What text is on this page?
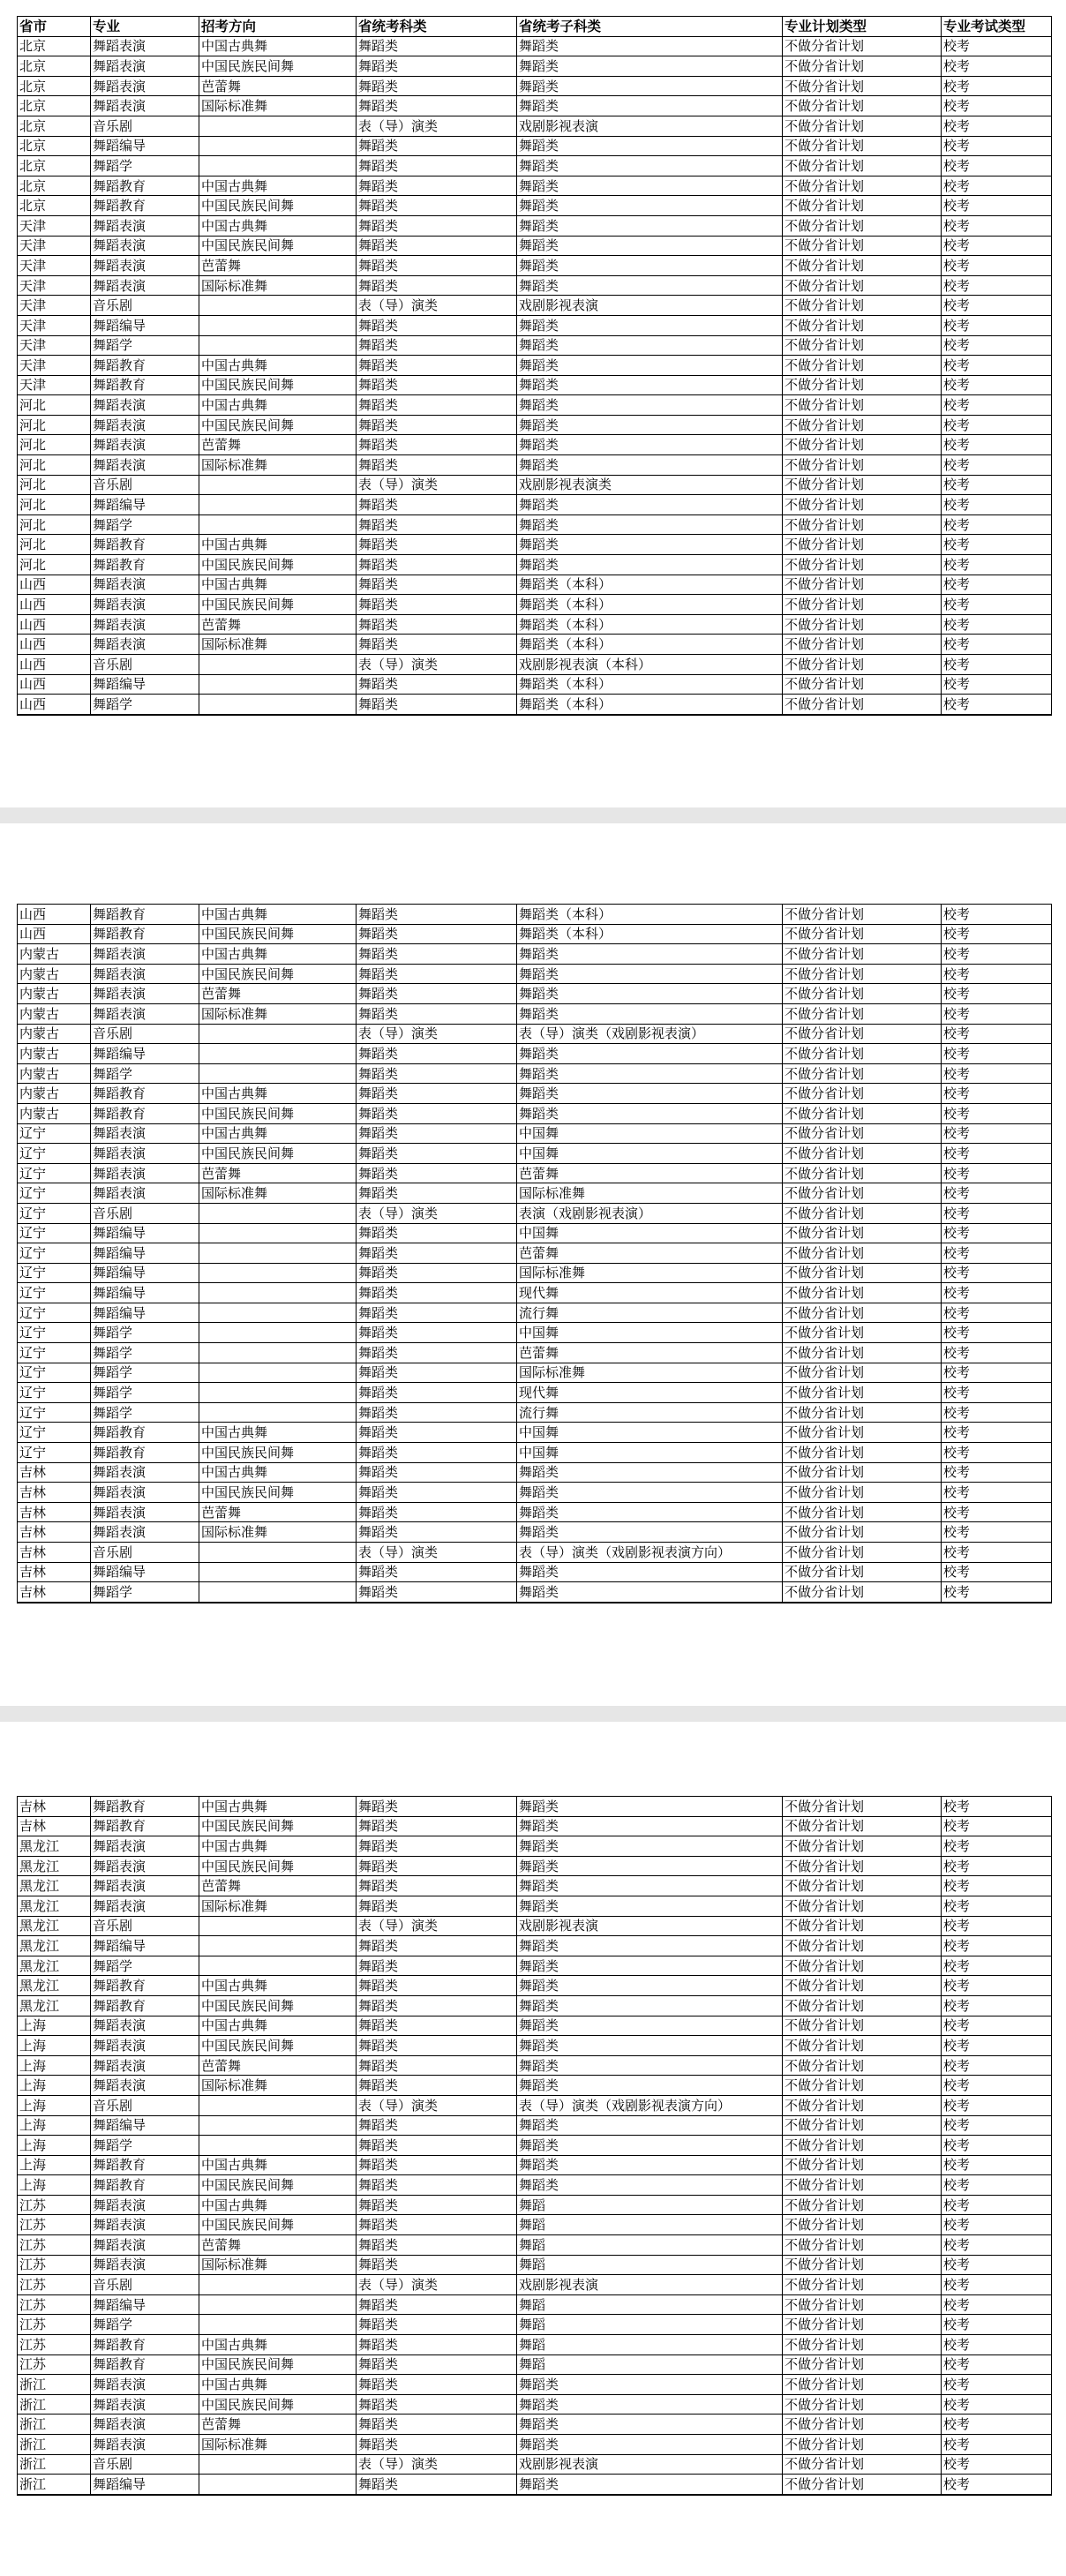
省市	专业	招考方向	省统考科类	省统考子科类	专业计划类型	专业考试类型
北京	舞蹈表演	中国古典舞	舞蹈类	舞蹈类	不做分省计划	校考
北京	舞蹈表演	中国民族民间舞	舞蹈类	舞蹈类	不做分省计划	校考
北京	舞蹈表演	芭蕾舞	舞蹈类	舞蹈类	不做分省计划	校考
北京	舞蹈表演	国际标准舞	舞蹈类	舞蹈类	不做分省计划	校考
北京	音乐剧		表（导）演类	戏剧影视表演	不做分省计划	校考
北京	舞蹈编导		舞蹈类	舞蹈类	不做分省计划	校考
北京	舞蹈学		舞蹈类	舞蹈类	不做分省计划	校考
北京	舞蹈教育	中国古典舞	舞蹈类	舞蹈类	不做分省计划	校考
北京	舞蹈教育	中国民族民间舞	舞蹈类	舞蹈类	不做分省计划	校考
天津	舞蹈表演	中国古典舞	舞蹈类	舞蹈类	不做分省计划	校考
天津	舞蹈表演	中国民族民间舞	舞蹈类	舞蹈类	不做分省计划	校考
天津	舞蹈表演	芭蕾舞	舞蹈类	舞蹈类	不做分省计划	校考
天津	舞蹈表演	国际标准舞	舞蹈类	舞蹈类	不做分省计划	校考
天津	音乐剧		表（导）演类	戏剧影视表演	不做分省计划	校考
天津	舞蹈编导		舞蹈类	舞蹈类	不做分省计划	校考
天津	舞蹈学		舞蹈类	舞蹈类	不做分省计划	校考
天津	舞蹈教育	中国古典舞	舞蹈类	舞蹈类	不做分省计划	校考
天津	舞蹈教育	中国民族民间舞	舞蹈类	舞蹈类	不做分省计划	校考
河北	舞蹈表演	中国古典舞	舞蹈类	舞蹈类	不做分省计划	校考
河北	舞蹈表演	中国民族民间舞	舞蹈类	舞蹈类	不做分省计划	校考
河北	舞蹈表演	芭蕾舞	舞蹈类	舞蹈类	不做分省计划	校考
河北	舞蹈表演	国际标准舞	舞蹈类	舞蹈类	不做分省计划	校考
河北	音乐剧		表（导）演类	戏剧影视表演类	不做分省计划	校考
河北	舞蹈编导		舞蹈类	舞蹈类	不做分省计划	校考
河北	舞蹈学		舞蹈类	舞蹈类	不做分省计划	校考
河北	舞蹈教育	中国古典舞	舞蹈类	舞蹈类	不做分省计划	校考
河北	舞蹈教育	中国民族民间舞	舞蹈类	舞蹈类	不做分省计划	校考
山西	舞蹈表演	中国古典舞	舞蹈类	舞蹈类（本科）	不做分省计划	校考
山西	舞蹈表演	中国民族民间舞	舞蹈类	舞蹈类（本科）	不做分省计划	校考
山西	舞蹈表演	芭蕾舞	舞蹈类	舞蹈类（本科）	不做分省计划	校考
山西	舞蹈表演	国际标准舞	舞蹈类	舞蹈类（本科）	不做分省计划	校考
山西	音乐剧		表（导）演类	戏剧影视表演（本科）	不做分省计划	校考
山西	舞蹈编导		舞蹈类	舞蹈类（本科）	不做分省计划	校考
山西	舞蹈学		舞蹈类	舞蹈类（本科）	不做分省计划	校考
山西	舞蹈教育	中国古典舞	舞蹈类	舞蹈类（本科）	不做分省计划	校考
山西	舞蹈教育	中国民族民间舞	舞蹈类	舞蹈类（本科）	不做分省计划	校考
内蒙古	舞蹈表演	中国古典舞	舞蹈类	舞蹈类	不做分省计划	校考
内蒙古	舞蹈表演	中国民族民间舞	舞蹈类	舞蹈类	不做分省计划	校考
内蒙古	舞蹈表演	芭蕾舞	舞蹈类	舞蹈类	不做分省计划	校考
内蒙古	舞蹈表演	国际标准舞	舞蹈类	舞蹈类	不做分省计划	校考
内蒙古	音乐剧		表（导）演类	表（导）演类（戏剧影视表演）	不做分省计划	校考
内蒙古	舞蹈编导		舞蹈类	舞蹈类	不做分省计划	校考
内蒙古	舞蹈学		舞蹈类	舞蹈类	不做分省计划	校考
内蒙古	舞蹈教育	中国古典舞	舞蹈类	舞蹈类	不做分省计划	校考
内蒙古	舞蹈教育	中国民族民间舞	舞蹈类	舞蹈类	不做分省计划	校考
辽宁	舞蹈表演	中国古典舞	舞蹈类	中国舞	不做分省计划	校考
辽宁	舞蹈表演	中国民族民间舞	舞蹈类	中国舞	不做分省计划	校考
辽宁	舞蹈表演	芭蕾舞	舞蹈类	芭蕾舞	不做分省计划	校考
辽宁	舞蹈表演	国际标准舞	舞蹈类	国际标准舞	不做分省计划	校考
辽宁	音乐剧		表（导）演类	表演（戏剧影视表演）	不做分省计划	校考
辽宁	舞蹈编导		舞蹈类	中国舞	不做分省计划	校考
辽宁	舞蹈编导		舞蹈类	芭蕾舞	不做分省计划	校考
辽宁	舞蹈编导		舞蹈类	国际标准舞	不做分省计划	校考
辽宁	舞蹈编导		舞蹈类	现代舞	不做分省计划	校考
辽宁	舞蹈编导		舞蹈类	流行舞	不做分省计划	校考
辽宁	舞蹈学		舞蹈类	中国舞	不做分省计划	校考
辽宁	舞蹈学		舞蹈类	芭蕾舞	不做分省计划	校考
辽宁	舞蹈学		舞蹈类	国际标准舞	不做分省计划	校考
辽宁	舞蹈学		舞蹈类	现代舞	不做分省计划	校考
辽宁	舞蹈学		舞蹈类	流行舞	不做分省计划	校考
辽宁	舞蹈教育	中国古典舞	舞蹈类	中国舞	不做分省计划	校考
辽宁	舞蹈教育	中国民族民间舞	舞蹈类	中国舞	不做分省计划	校考
吉林	舞蹈表演	中国古典舞	舞蹈类	舞蹈类	不做分省计划	校考
吉林	舞蹈表演	中国民族民间舞	舞蹈类	舞蹈类	不做分省计划	校考
吉林	舞蹈表演	芭蕾舞	舞蹈类	舞蹈类	不做分省计划	校考
吉林	舞蹈表演	国际标准舞	舞蹈类	舞蹈类	不做分省计划	校考
吉林	音乐剧		表（导）演类	表（导）演类（戏剧影视表演方向）	不做分省计划	校考
吉林	舞蹈编导		舞蹈类	舞蹈类	不做分省计划	校考
吉林	舞蹈学		舞蹈类	舞蹈类	不做分省计划	校考
吉林	舞蹈教育	中国古典舞	舞蹈类	舞蹈类	不做分省计划	校考
吉林	舞蹈教育	中国民族民间舞	舞蹈类	舞蹈类	不做分省计划	校考
黑龙江	舞蹈表演	中国古典舞	舞蹈类	舞蹈类	不做分省计划	校考
黑龙江	舞蹈表演	中国民族民间舞	舞蹈类	舞蹈类	不做分省计划	校考
黑龙江	舞蹈表演	芭蕾舞	舞蹈类	舞蹈类	不做分省计划	校考
黑龙江	舞蹈表演	国际标准舞	舞蹈类	舞蹈类	不做分省计划	校考
黑龙江	音乐剧		表（导）演类	戏剧影视表演	不做分省计划	校考
黑龙江	舞蹈编导		舞蹈类	舞蹈类	不做分省计划	校考
黑龙江	舞蹈学		舞蹈类	舞蹈类	不做分省计划	校考
黑龙江	舞蹈教育	中国古典舞	舞蹈类	舞蹈类	不做分省计划	校考
黑龙江	舞蹈教育	中国民族民间舞	舞蹈类	舞蹈类	不做分省计划	校考
上海	舞蹈表演	中国古典舞	舞蹈类	舞蹈类	不做分省计划	校考
上海	舞蹈表演	中国民族民间舞	舞蹈类	舞蹈类	不做分省计划	校考
上海	舞蹈表演	芭蕾舞	舞蹈类	舞蹈类	不做分省计划	校考
上海	舞蹈表演	国际标准舞	舞蹈类	舞蹈类	不做分省计划	校考
上海	音乐剧		表（导）演类	表（导）演类（戏剧影视表演方向）	不做分省计划	校考
上海	舞蹈编导		舞蹈类	舞蹈类	不做分省计划	校考
上海	舞蹈学		舞蹈类	舞蹈类	不做分省计划	校考
上海	舞蹈教育	中国古典舞	舞蹈类	舞蹈类	不做分省计划	校考
上海	舞蹈教育	中国民族民间舞	舞蹈类	舞蹈类	不做分省计划	校考
江苏	舞蹈表演	中国古典舞	舞蹈类	舞蹈	不做分省计划	校考
江苏	舞蹈表演	中国民族民间舞	舞蹈类	舞蹈	不做分省计划	校考
江苏	舞蹈表演	芭蕾舞	舞蹈类	舞蹈	不做分省计划	校考
江苏	舞蹈表演	国际标准舞	舞蹈类	舞蹈	不做分省计划	校考
江苏	音乐剧		表（导）演类	戏剧影视表演	不做分省计划	校考
江苏	舞蹈编导		舞蹈类	舞蹈	不做分省计划	校考
江苏	舞蹈学		舞蹈类	舞蹈	不做分省计划	校考
江苏	舞蹈教育	中国古典舞	舞蹈类	舞蹈	不做分省计划	校考
江苏	舞蹈教育	中国民族民间舞	舞蹈类	舞蹈	不做分省计划	校考
浙江	舞蹈表演	中国古典舞	舞蹈类	舞蹈类	不做分省计划	校考
浙江	舞蹈表演	中国民族民间舞	舞蹈类	舞蹈类	不做分省计划	校考
浙江	舞蹈表演	芭蕾舞	舞蹈类	舞蹈类	不做分省计划	校考
浙江	舞蹈表演	国际标准舞	舞蹈类	舞蹈类	不做分省计划	校考
浙江	音乐剧		表（导）演类	戏剧影视表演	不做分省计划	校考
浙江	舞蹈编导		舞蹈类	舞蹈类	不做分省计划	校考
